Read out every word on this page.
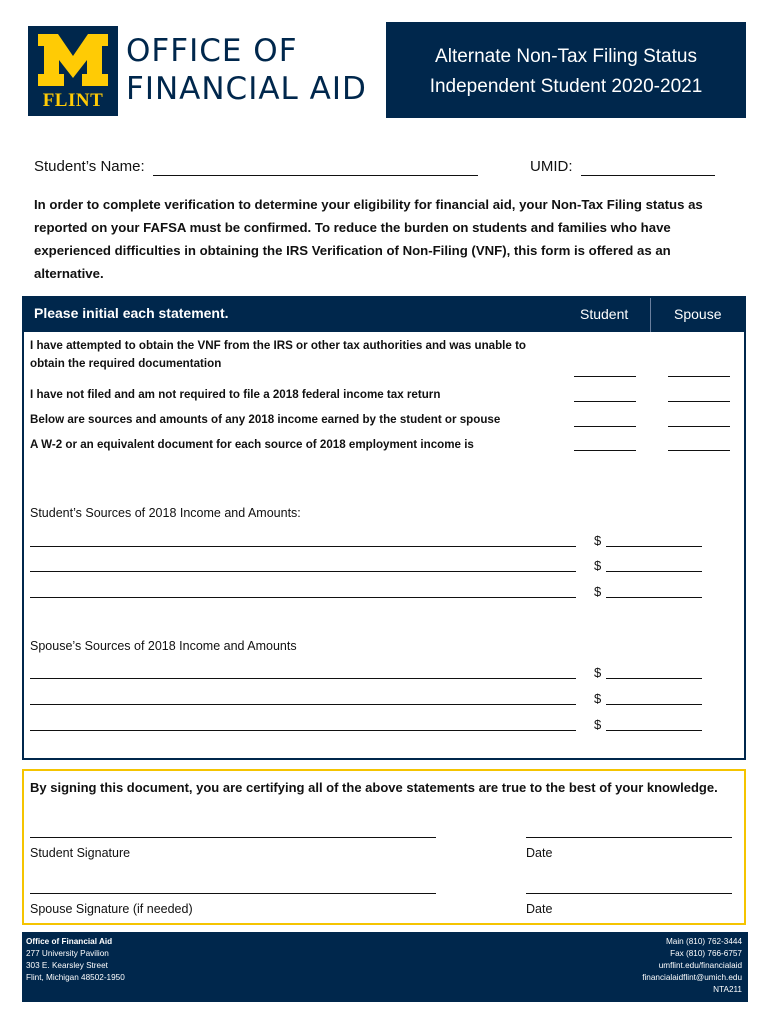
FLINT
OFFICE OF
FINANCIAL AID
Alternate Non-Tax Filing Status
Independent Student 2020-2021
Student’s Name:	UMID:
In order to complete verification to determine your eligibility for financial aid, your Non-Tax Filing status as reported on your FAFSA must be confirmed. To reduce the burden on students and families who have experienced difficulties in obtaining the IRS Verification of Non-Filing (VNF), this form is offered as an alternative.
Please initial each statement.	Student	Spouse
I have attempted to obtain the VNF from the IRS or other tax authorities and was unable to obtain the required documentation
I have not filed and am not required to file a 2018 federal income tax return
Below are sources and amounts of any 2018 income earned by the student or spouse
A W-2 or an equivalent document for each source of 2018 employment income is
Student’s Sources of 2018 Income and Amounts:
$
$
$
Spouse’s Sources of 2018 Income and Amounts
$
$
$
By signing this document, you are certifying all of the above statements are true to the best of your knowledge.
Student Signature	Date
Spouse Signature (if needed)	Date
Office of Financial Aid
277 University Pavilion
303 E. Kearsley Street
Flint, Michigan 48502-1950
Main (810) 762-3444
Fax (810) 766-6757
umflint.edu/financialaid
financialaidflint@umich.edu
NTA211
